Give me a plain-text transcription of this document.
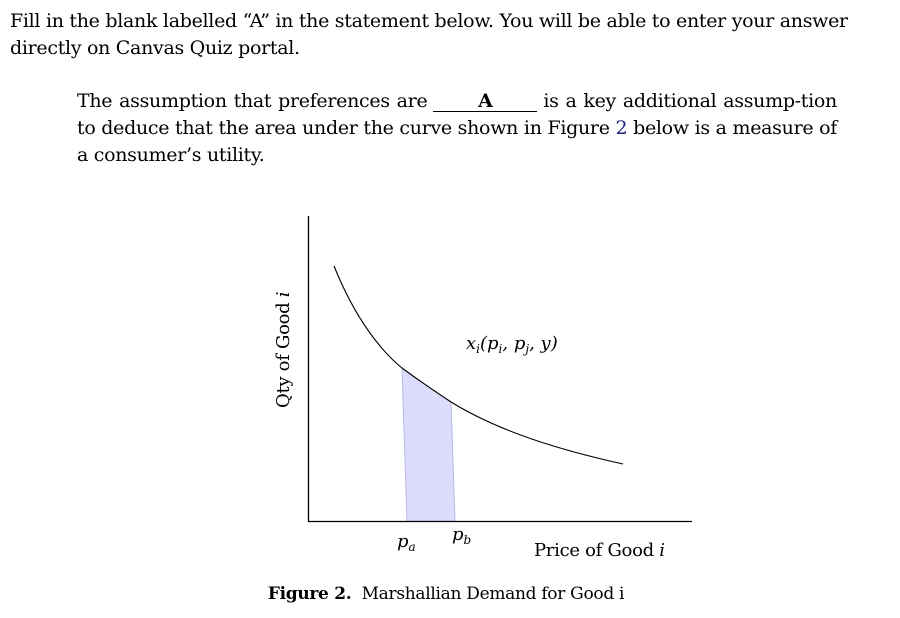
Fill in the blank labelled “A” in the statement below. You will be able to enter your answer directly on Canvas Quiz portal.
The assumption that preferences are	A	is a key additional assump-tion to deduce that the area under the curve shown in Figure 2 below is a measure of a consumer’s utility.
$x_i(p_i$, $p_j$, y)
$p_a$
$p_b$	Price of Good i
Qty of Good i
Figure 2. Marshallian Demand for Good i
